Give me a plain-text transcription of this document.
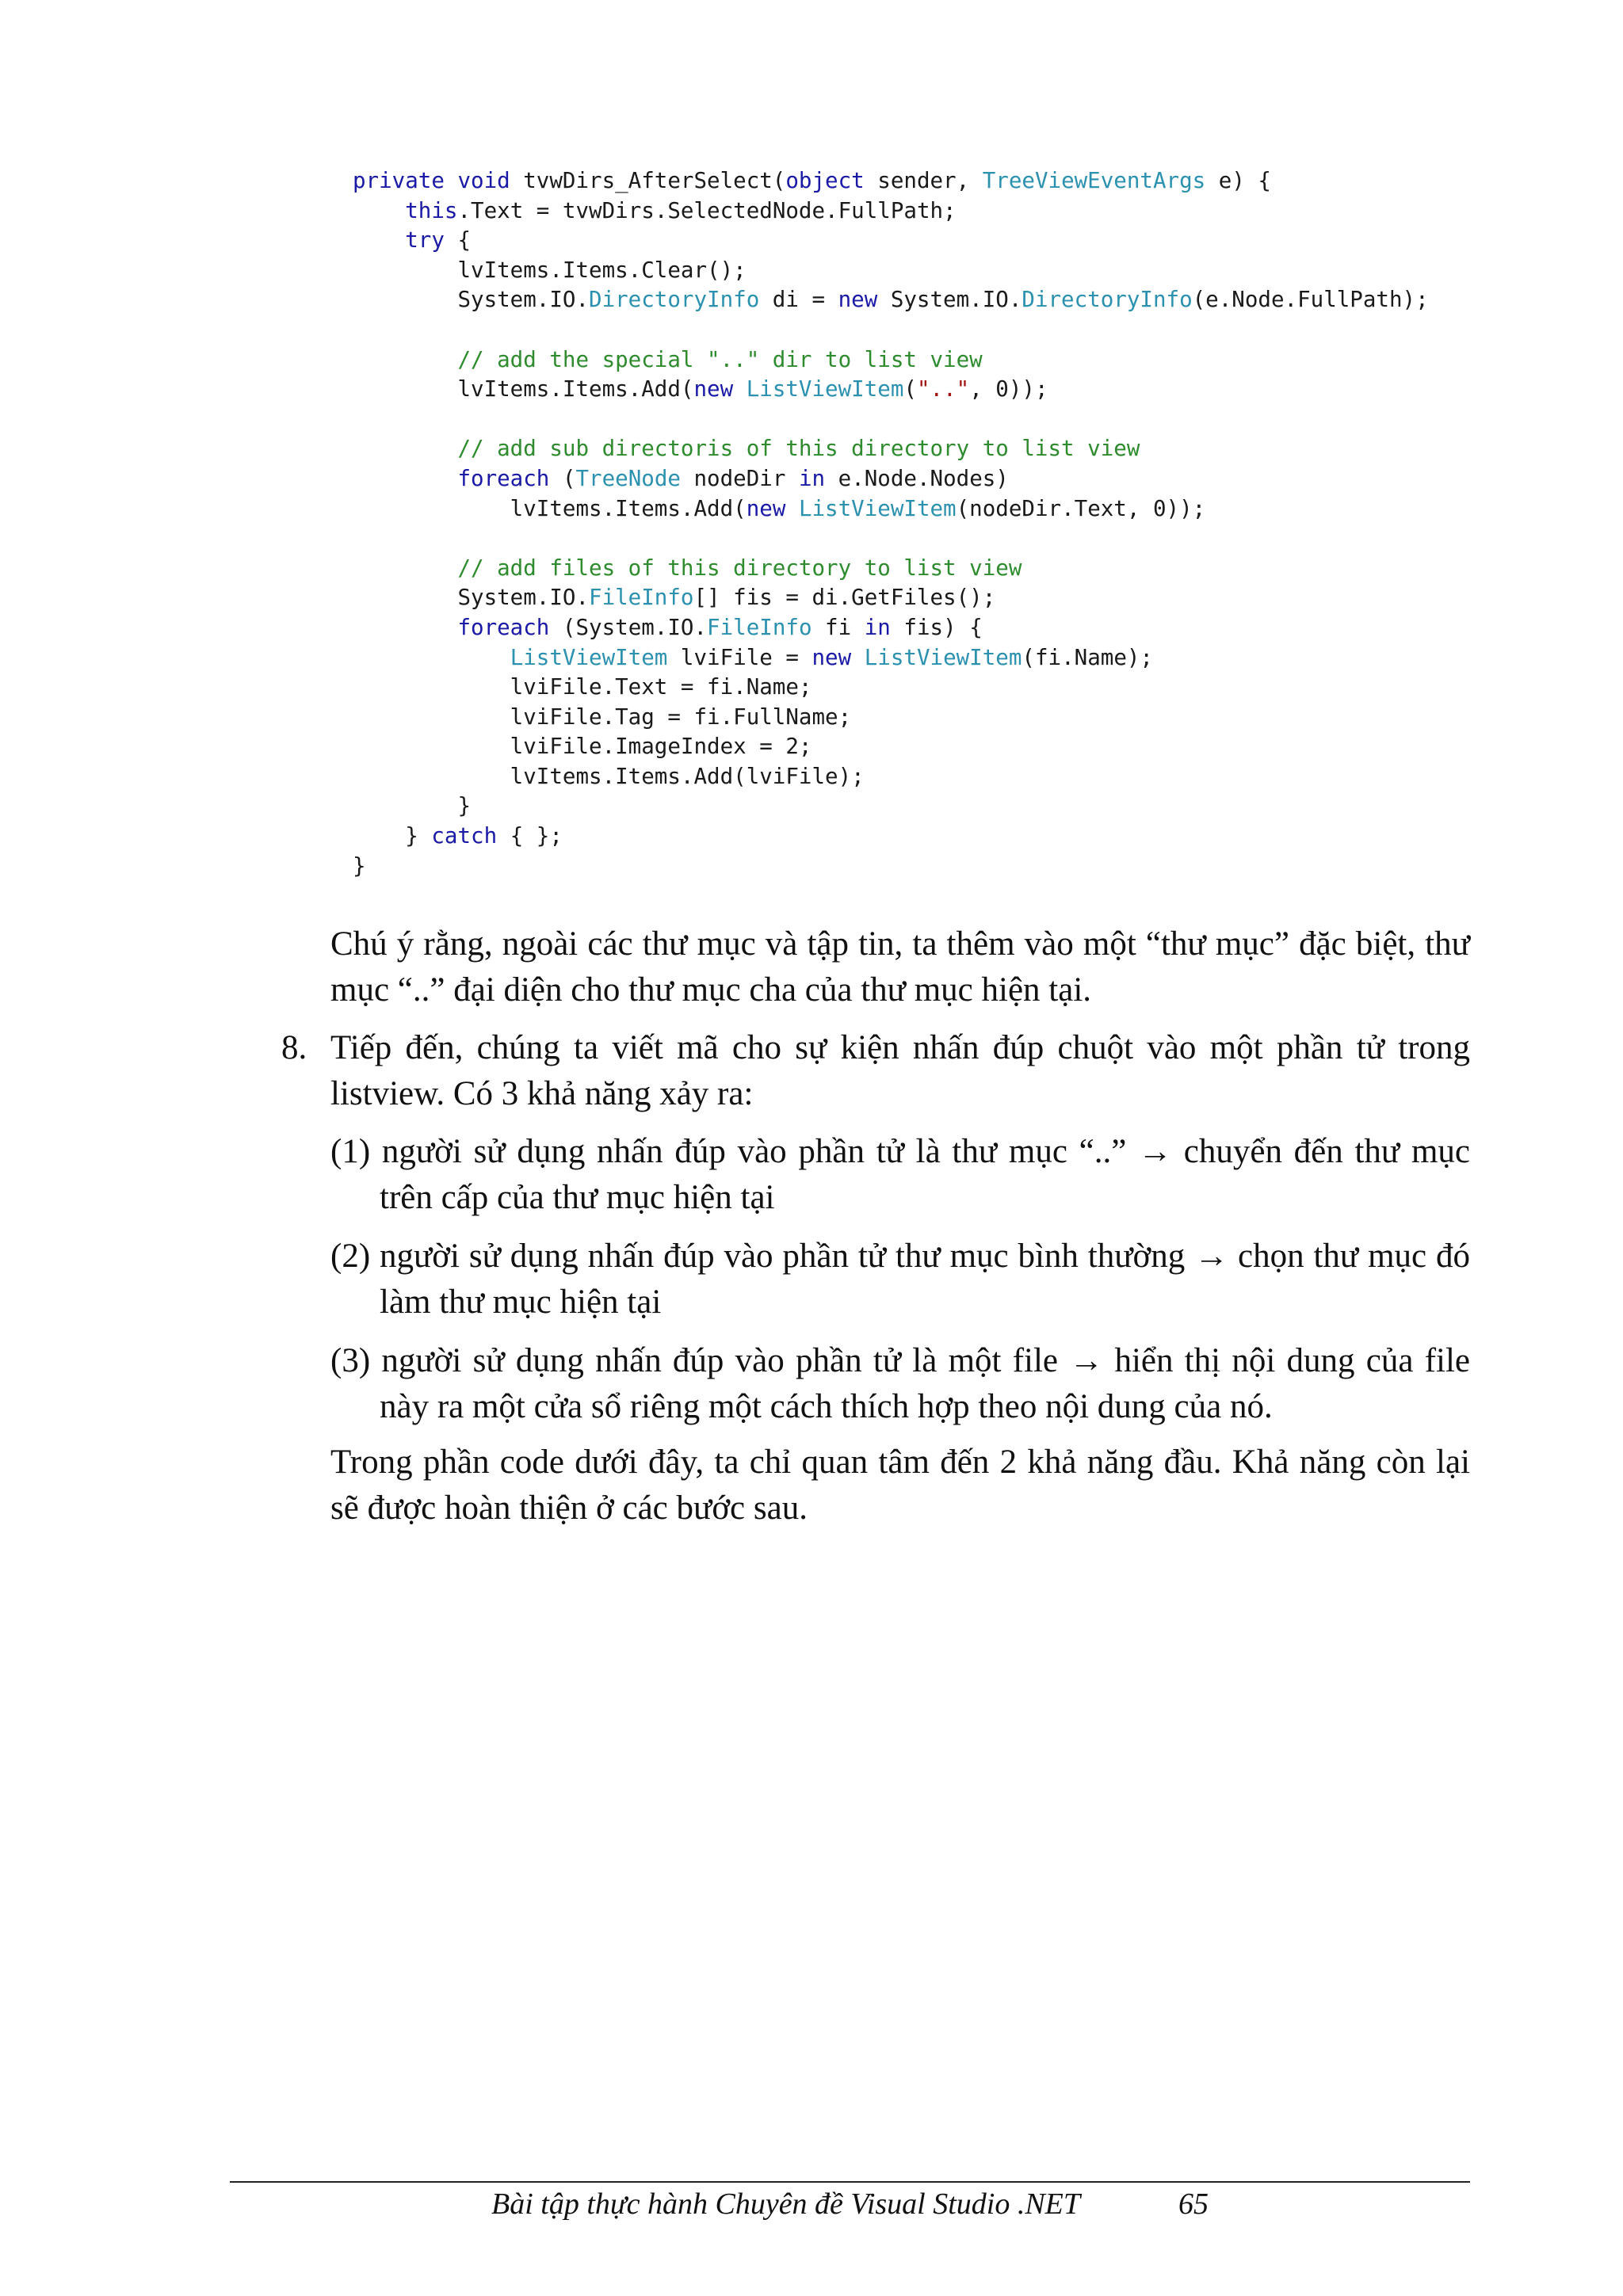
private void tvwDirs_AfterSelect(object sender, TreeViewEventArgs e) {
this.Text = tvwDirs.SelectedNode.FullPath;
try {
lvItems.Items.Clear();
System.IO.DirectoryInfo di = new System.IO.DirectoryInfo(e.Node.FullPath);
// add the special ".." dir to list view
lvItems.Items.Add(new ListViewItem("..", 0));
// add sub directoris of this directory to list view
foreach (TreeNode nodeDir in e.Node.Nodes)
lvItems.Items.Add(new ListViewItem(nodeDir.Text, 0));
// add files of this directory to list view
System.IO.FileInfo[] fis = di.GetFiles();
foreach (System.IO.FileInfo fi in fis) {
ListViewItem lviFile = new ListViewItem(fi.Name);
lviFile.Text = fi.Name;
lviFile.Tag = fi.FullName;
lviFile.ImageIndex = 2;
lvItems.Items.Add(lviFile);
}
} catch { };
}
Chú ý rằng, ngoài các thư mục và tập tin, ta thêm vào một “thư mục” đặc biệt, thư mục “..” đại diện cho thư mục cha của thư mục hiện tại.
8. Tiếp đến, chúng ta viết mã cho sự kiện nhấn đúp chuột vào một phần tử trong listview. Có 3 khả năng xảy ra:
(1) người sử dụng nhấn đúp vào phần tử là thư mục “..” → chuyển đến thư mục trên cấp của thư mục hiện tại
(2) người sử dụng nhấn đúp vào phần tử thư mục bình thường → chọn thư mục đó làm thư mục hiện tại
(3) người sử dụng nhấn đúp vào phần tử là một file → hiển thị nội dung của file này ra một cửa sổ riêng một cách thích hợp theo nội dung của nó.
Trong phần code dưới đây, ta chỉ quan tâm đến 2 khả năng đầu. Khả năng còn lại sẽ được hoàn thiện ở các bước sau.
Bài tập thực hành Chuyên đề Visual Studio .NET	65
